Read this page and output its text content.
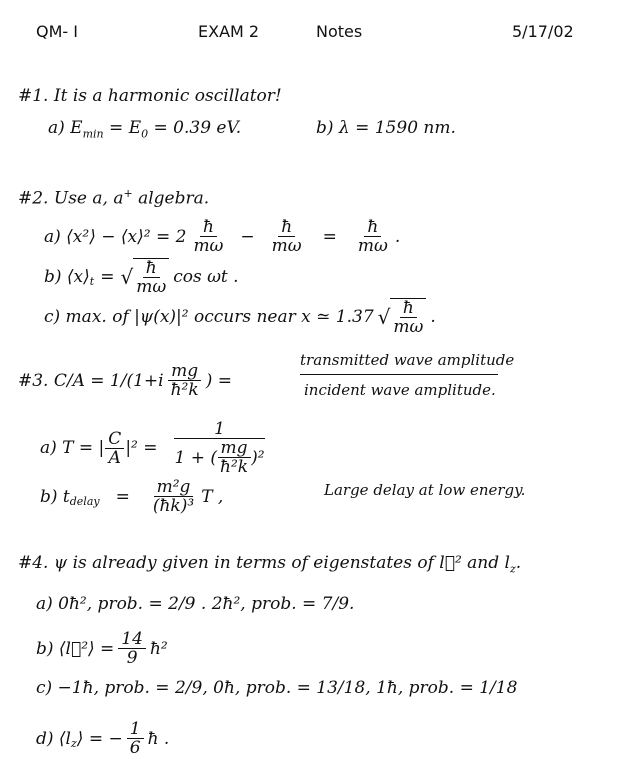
QM- I	EXAM 2	Notes	5/17/02
#1. It is a harmonic oscillator!
a) $E_{min} = E_0 = 0.39$ eV.	b) λ = 1590 nm.
#2. Use a, a+ algebra.
a) ⟨x²⟩ − ⟨x⟩² = $2 \frac{ħ}{m\omega} - \frac{ħ}{m\omega} = \frac{ħ}{m\omega}$ .
b) $⟨x⟩_t$ = √ $\frac{ħ}{m\omega}$ cos ωt .
c) max. of |ψ(x)|² occurs near x ≃ 1.37 √ $\frac{ħ}{m\omega}$ .
#3. $C/A = 1/(1+i \frac{mg}{\text{ħ²k}}$ ) =
transmitted wave amplitude
incident wave amplitude.
a) T = | $\frac{C}{A} |^2 = \frac{1}{1 + ( \frac{mg}{\text{ħ²k}} )^2}$
b) $t_{delay} = \frac{\text{m²g}}{\text{(ħk)³}}$ T ,	Large delay at low energy.
#4. ψ is already given in terms of eigenstates of l⃗² and $l_z$.
a) 0ħ², prob. = 2/9 . 2ħ², prob. = 7/9.
b) ⟨l⃗²⟩ = $\frac{14}{9}$ ħ²
c) −1ħ, prob. = 2/9, 0ħ, prob. = 13/18, 1ħ, prob. = 1/18
d) $⟨l_z$ ⟩ = − $\frac{1}{6}$ ħ .
